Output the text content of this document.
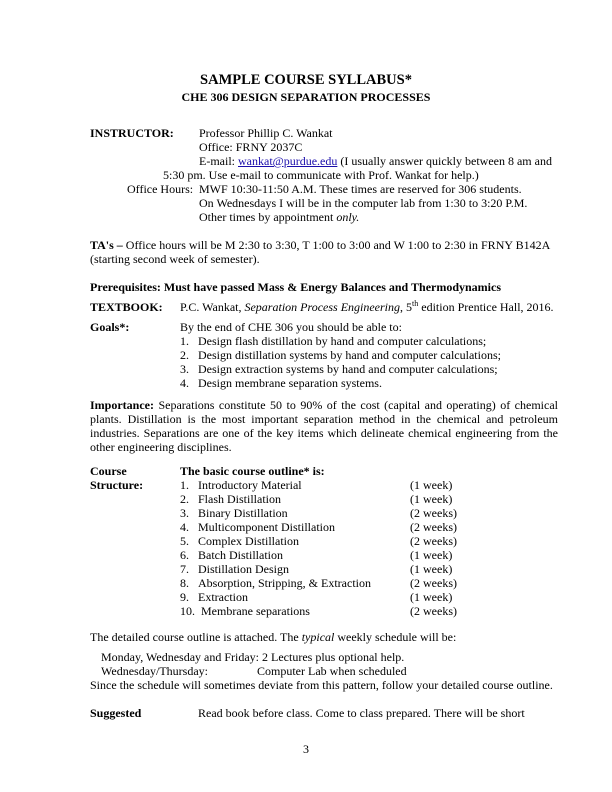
SAMPLE COURSE SYLLABUS*
CHE 306 DESIGN SEPARATION PROCESSES
INSTRUCTOR: Professor Phillip C. Wankat
Office: FRNY 2037C
E-mail: wankat@purdue.edu (I usually answer quickly between 8 am and
5:30 pm. Use e-mail to communicate with Prof. Wankat for help.)
Office Hours: MWF 10:30-11:50 A.M. These times are reserved for 306 students.
On Wednesdays I will be in the computer lab from 1:30 to 3:20 P.M.
Other times by appointment only.
TA's – Office hours will be M 2:30 to 3:30, T 1:00 to 3:00 and W 1:00 to 2:30 in FRNY B142A
(starting second week of semester).
Prerequisites: Must have passed Mass & Energy Balances and Thermodynamics
TEXTBOOK: P.C. Wankat, Separation Process Engineering, 5th edition Prentice Hall, 2016.
Goals*:	By the end of CHE 306 you should be able to:
1.   Design flash distillation by hand and computer calculations;
2.   Design distillation systems by hand and computer calculations;
3.   Design extraction systems by hand and computer calculations;
4.   Design membrane separation systems.
Importance: Separations constitute 50 to 90% of the cost (capital and operating) of chemical plants. Distillation is the most important separation method in the chemical and petroleum industries. Separations are one of the key items which delineate chemical engineering from the other engineering disciplines.
Course
Structure:
The basic course outline* is:
1. Introductory Material	(1 week)
2. Flash Distillation	(1 week)
3. Binary Distillation	(2 weeks)
4. Multicomponent Distillation	(2 weeks)
5. Complex Distillation	(2 weeks)
6. Batch Distillation	(1 week)
7. Distillation Design	(1 week)
8. Absorption, Stripping, & Extraction	(2 weeks)
9. Extraction	(1 week)
10. Membrane separations	(2 weeks)
The detailed course outline is attached. The typical weekly schedule will be:
Monday, Wednesday and Friday: 2 Lectures plus optional help.
Wednesday/Thursday:	Computer Lab when scheduled
Since the schedule will sometimes deviate from this pattern, follow your detailed course outline.
Suggested	Read book before class. Come to class prepared. There will be short
3
